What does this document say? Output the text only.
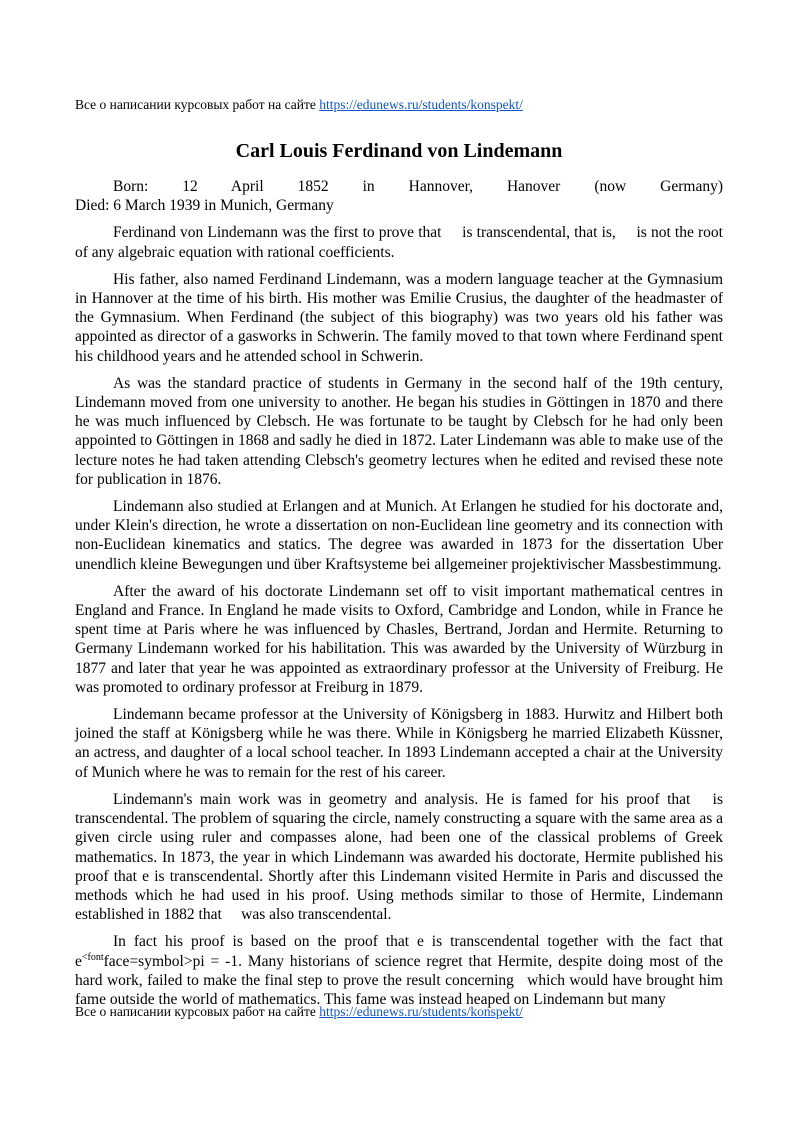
Все о написании курсовых работ на сайте https://edunews.ru/students/konspekt/
Carl Louis Ferdinand von Lindemann

Born: 12 April 1852 in Hannover, Hanover (now Germany)
Died: 6 March 1939 in Munich, Germany

Ferdinand von Lindemann was the first to prove that     is transcendental, that is,     is not the root of any algebraic equation with rational coefficients.

His father, also named Ferdinand Lindemann, was a modern language teacher at the Gymnasium in Hannover at the time of his birth. His mother was Emilie Crusius, the daughter of the headmaster of the Gymnasium. When Ferdinand (the subject of this biography) was two years old his father was appointed as director of a gasworks in Schwerin. The family moved to that town where Ferdinand spent his childhood years and he attended school in Schwerin.

As was the standard practice of students in Germany in the second half of the 19th century, Lindemann moved from one university to another. He began his studies in Göttingen in 1870 and there he was much influenced by Clebsch. He was fortunate to be taught by Clebsch for he had only been appointed to Göttingen in 1868 and sadly he died in 1872. Later Lindemann was able to make use of the lecture notes he had taken attending Clebsch's geometry lectures when he edited and revised these note for publication in 1876.

Lindemann also studied at Erlangen and at Munich. At Erlangen he studied for his doctorate and, under Klein's direction, he wrote a dissertation on non-Euclidean line geometry and its connection with non-Euclidean kinematics and statics. The degree was awarded in 1873 for the dissertation Uber unendlich kleine Bewegungen und über Kraftsysteme bei allgemeiner projektivischer Massbestimmung.

After the award of his doctorate Lindemann set off to visit important mathematical centres in England and France. In England he made visits to Oxford, Cambridge and London, while in France he spent time at Paris where he was influenced by Chasles, Bertrand, Jordan and Hermite. Returning to Germany Lindemann worked for his habilitation. This was awarded by the University of Würzburg in 1877 and later that year he was appointed as extraordinary professor at the University of Freiburg. He was promoted to ordinary professor at Freiburg in 1879.

Lindemann became professor at the University of Königsberg in 1883. Hurwitz and Hilbert both joined the staff at Königsberg while he was there. While in Königsberg he married Elizabeth Küssner, an actress, and daughter of a local school teacher. In 1893 Lindemann accepted a chair at the University of Munich where he was to remain for the rest of his career.

Lindemann's main work was in geometry and analysis. He is famed for his proof that   is transcendental. The problem of squaring the circle, namely constructing a square with the same area as a given circle using ruler and compasses alone, had been one of the classical problems of Greek mathematics. In 1873, the year in which Lindemann was awarded his doctorate, Hermite published his proof that e is transcendental. Shortly after this Lindemann visited Hermite in Paris and discussed the methods which he had used in his proof. Using methods similar to those of Hermite, Lindemann established in 1882 that     was also transcendental.

In fact his proof is based on the proof that e is transcendental together with the fact that $e^{<font}face=symbol>pi = -1$. Many historians of science regret that Hermite, despite doing most of the hard work, failed to make the final step to prove the result concerning   which would have brought him fame outside the world of mathematics. This fame was instead heaped on Lindemann but many

Все о написании курсовых работ на сайте https://edunews.ru/students/konspekt/
